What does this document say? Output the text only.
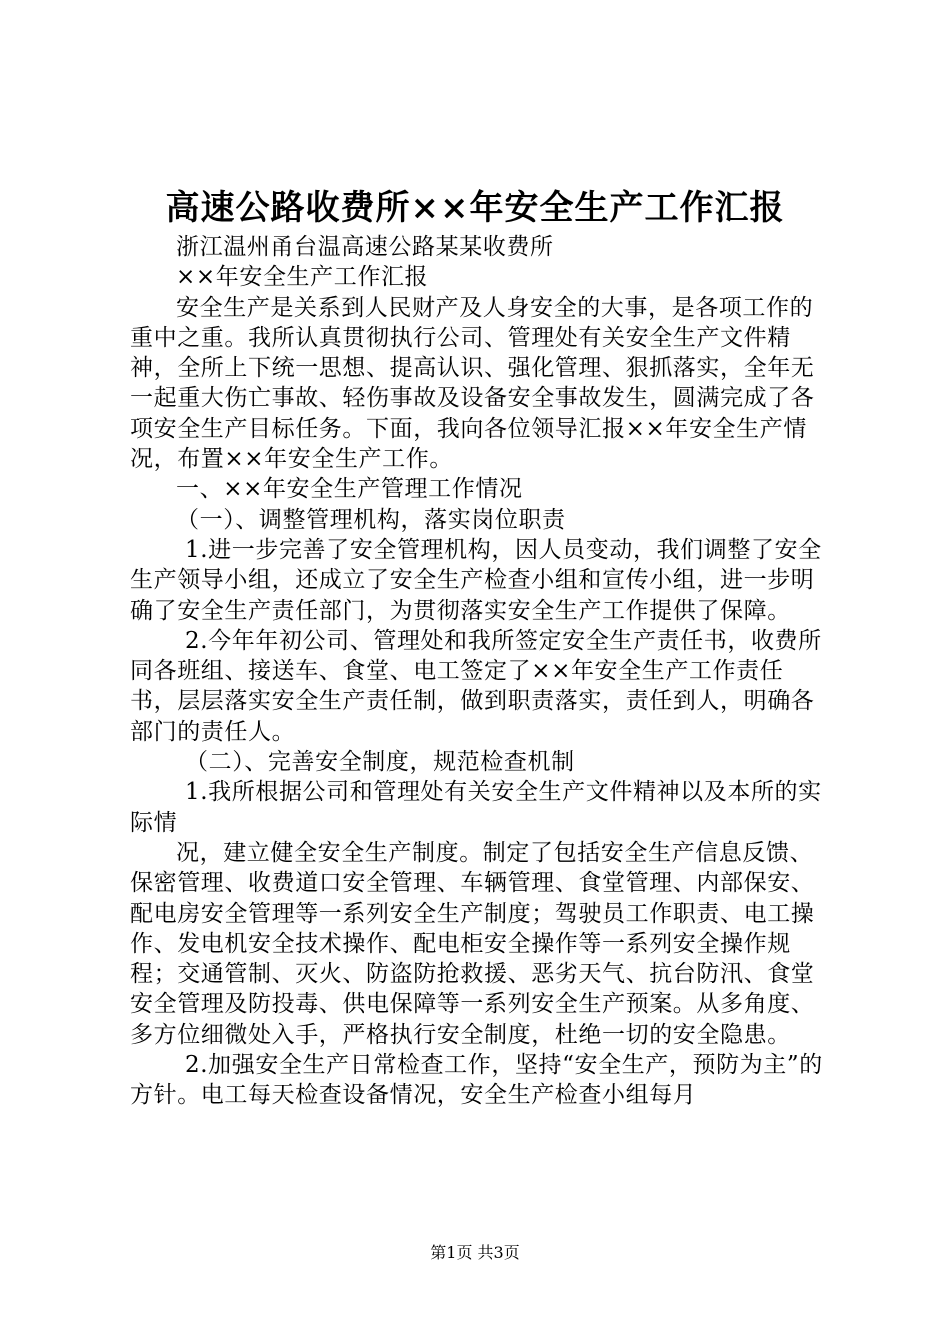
高速公路收费所××年安全生产工作汇报

浙江温州甬台温高速公路某某收费所

××年安全生产工作汇报

安全生产是关系到人民财产及人身安全的大事，是各项工作的重中之重。我所认真贯彻执行公司、管理处有关安全生产文件精神，全所上下统一思想、提高认识、强化管理、狠抓落实，全年无一起重大伤亡事故、轻伤事故及设备安全事故发生，圆满完成了各项安全生产目标任务。下面，我向各位领导汇报××年安全生产情况，布置××年安全生产工作。

一、××年安全生产管理工作情况

（一）、调整管理机构，落实岗位职责

1.进一步完善了安全管理机构，因人员变动，我们调整了安全生产领导小组，还成立了安全生产检查小组和宣传小组，进一步明确了安全生产责任部门，为贯彻落实安全生产工作提供了保障。

2.今年年初公司、管理处和我所签定安全生产责任书，收费所同各班组、接送车、食堂、电工签定了××年安全生产工作责任书，层层落实安全生产责任制，做到职责落实，责任到人，明确各部门的责任人。

（二）、完善安全制度，规范检查机制

1.我所根据公司和管理处有关安全生产文件精神以及本所的实际情

况，建立健全安全生产制度。制定了包括安全生产信息反馈、保密管理、收费道口安全管理、车辆管理、食堂管理、内部保安、配电房安全管理等一系列安全生产制度；驾驶员工作职责、电工操作、发电机安全技术操作、配电柜安全操作等一系列安全操作规程；交通管制、灭火、防盗防抢救援、恶劣天气、抗台防汛、食堂安全管理及防投毒、供电保障等一系列安全生产预案。从多角度、多方位细微处入手，严格执行安全制度，杜绝一切的安全隐患。

2.加强安全生产日常检查工作，坚持“安全生产，预防为主”的方针。电工每天检查设备情况，安全生产检查小组每月

第1页 共3页
